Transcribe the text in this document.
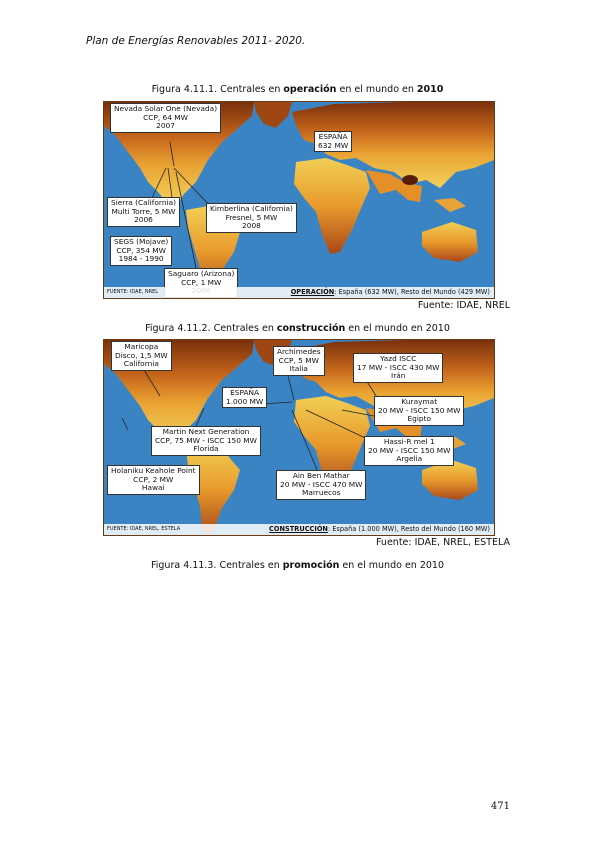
Plan de Energías Renovables 2011- 2020.
Figura 4.11.1. Centrales en operación en el mundo en 2010
Nevada Solar One (Nevada)
CCP, 64 MW
2007
ESPAÑA
632 MW
Sierra (California)
Multi Torre, 5 MW
2006
Kimberlina (California)
Fresnel, 5 MW
2008
SEGS (Mojave)
CCP, 354 MW
1984 - 1990
Saguaro (Arizona)
CCP, 1 MW
FUENTE: IDAE, NREL	OPERACIÓN: España (632 MW), Resto del Mundo (429 MW)
Fuente: IDAE, NREL
Figura 4.11.2. Centrales en construcción en el mundo en 2010
Maricopa
Disco, 1,5 MW
California
Archimedes
CCP, 5 MW
Italia
Yazd ISCC
17 MW - ISCC 430 MW
Irán
ESPAÑA
1.000 MW	Kuraymat
20 MW - ISCC 150 MW
Egipto
Martin Next Generation
CCP, 75 MW - ISCC 150 MW
Florida
Hassi-R mel 1
20 MW - ISCC 150 MW
Argelia
Holaniku Keahole Point
CCP, 2 MW
Hawai
Ain Ben Mathar
20 MW - ISCC 470 MW
Marruecos
FUENTE: IDAE, NREL, ESTELA	CONSTRUCCIÓN: España (1.000 MW), Resto del Mundo (160 MW)
Fuente: IDAE, NREL, ESTELA
Figura 4.11.3. Centrales en promoción en el mundo en 2010
471
